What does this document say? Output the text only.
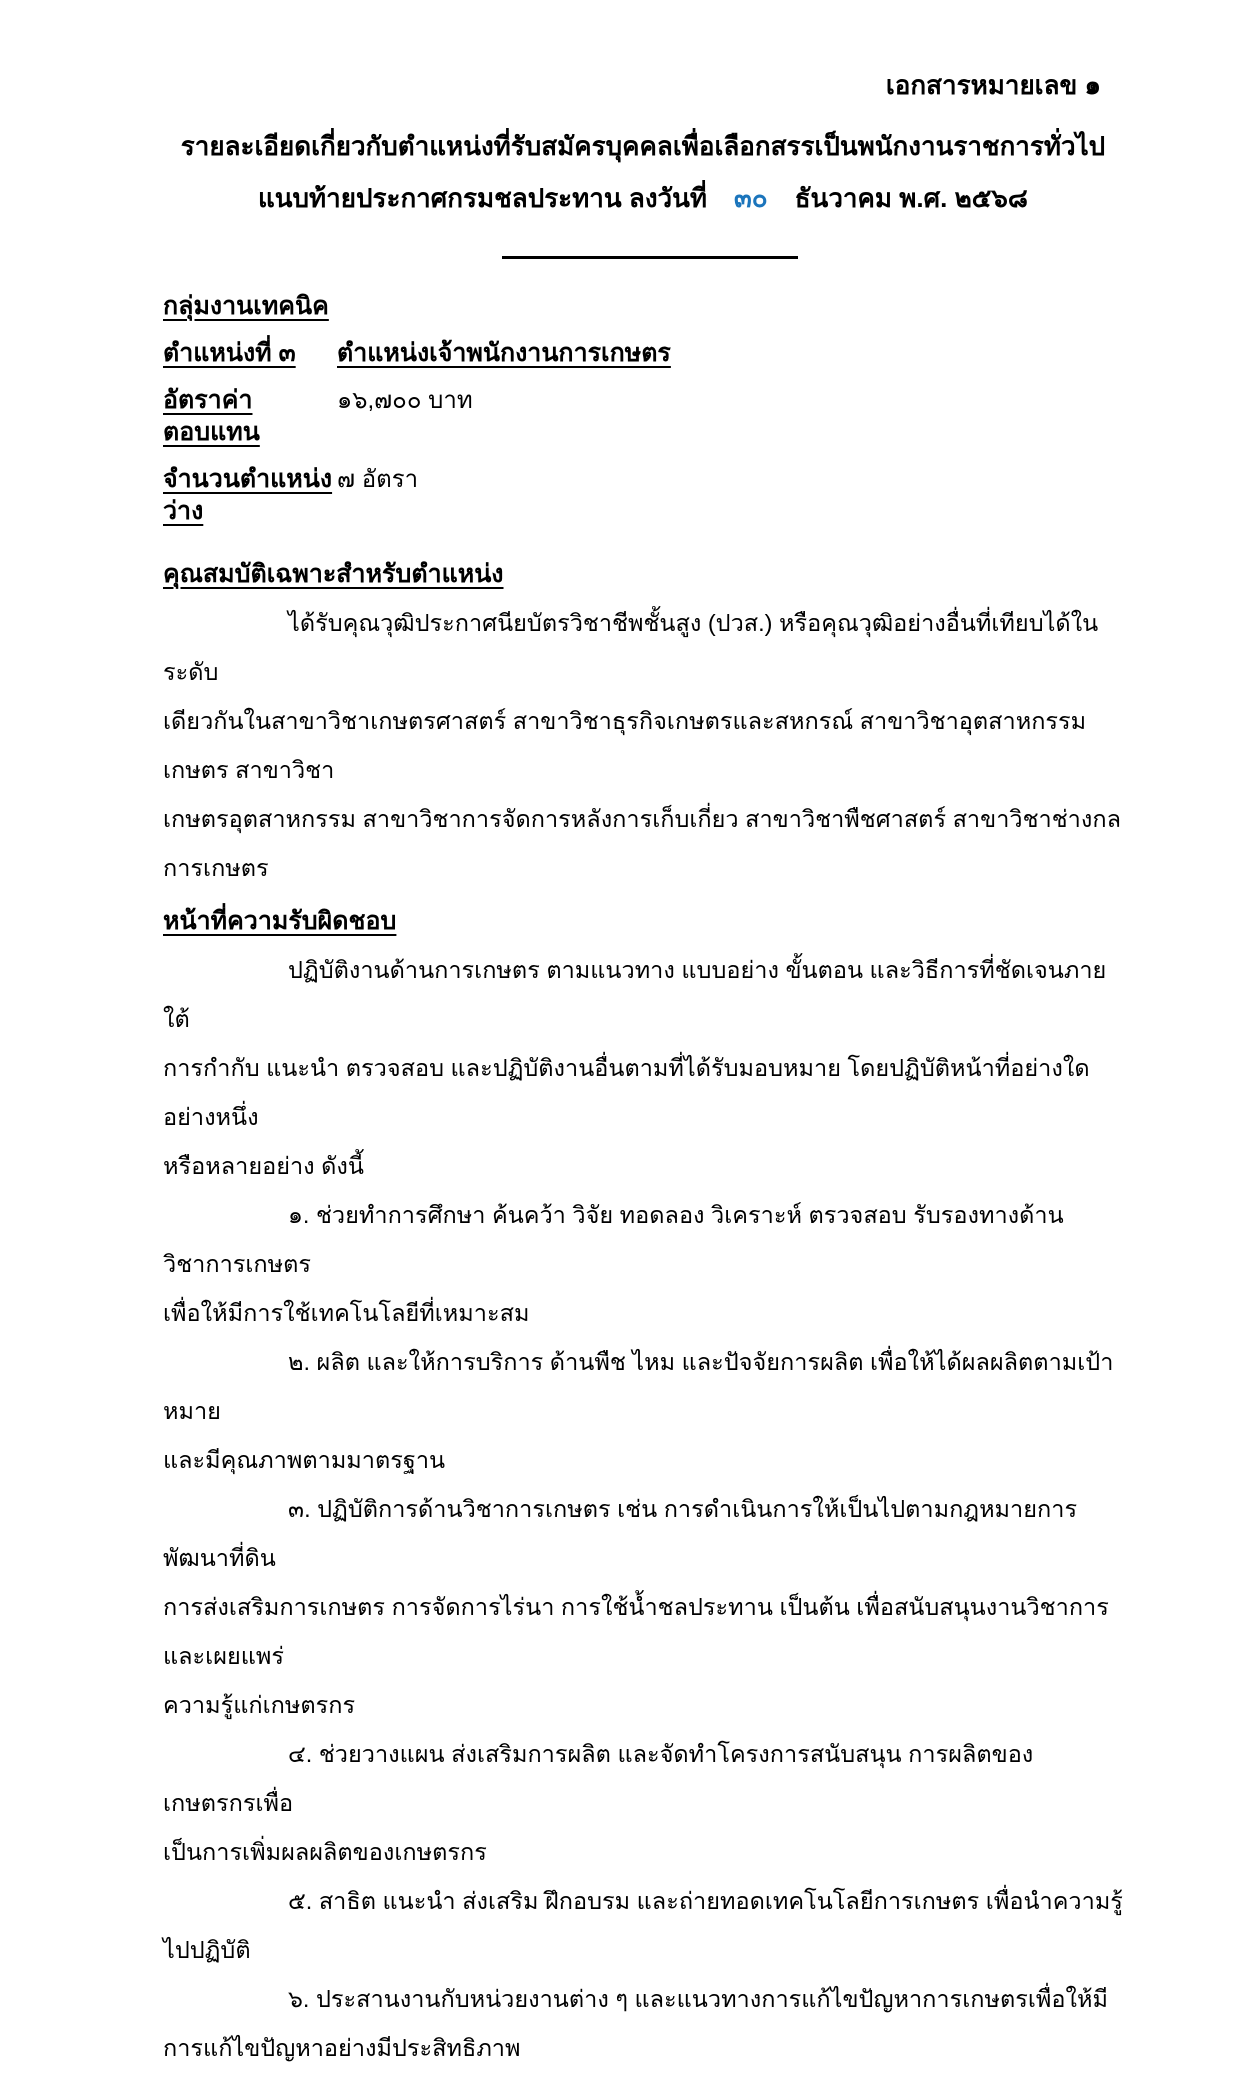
เอกสารหมายเลข ๑
รายละเอียดเกี่ยวกับตำแหน่งที่รับสมัครบุคคลเพื่อเลือกสรรเป็นพนักงานราชการทั่วไป
แนบท้ายประกาศกรมชลประทาน ลงวันที่ ๓๐ ธันวาคม พ.ศ. ๒๕๖๘
กลุ่มงานเทคนิค
ตำแหน่งที่ ๓	ตำแหน่งเจ้าพนักงานการเกษตร
อัตราค่าตอบแทน
๑๖,๗๐๐ บาท
จำนวนตำแหน่งว่าง
๗ อัตรา
คุณสมบัติเฉพาะสำหรับตำแหน่ง
ได้รับคุณวุฒิประกาศนียบัตรวิชาชีพชั้นสูง (ปวส.) หรือคุณวุฒิอย่างอื่นที่เทียบได้ในระดับ
เดียวกันในสาขาวิชาเกษตรศาสตร์ สาขาวิชาธุรกิจเกษตรและสหกรณ์ สาขาวิชาอุตสาหกรรมเกษตร สาขาวิชา
เกษตรอุตสาหกรรม สาขาวิชาการจัดการหลังการเก็บเกี่ยว สาขาวิชาพืชศาสตร์ สาขาวิชาช่างกลการเกษตร
หน้าที่ความรับผิดชอบ
ปฏิบัติงานด้านการเกษตร ตามแนวทาง แบบอย่าง ขั้นตอน และวิธีการที่ชัดเจนภายใต้
การกำกับ แนะนำ ตรวจสอบ และปฏิบัติงานอื่นตามที่ได้รับมอบหมาย โดยปฏิบัติหน้าที่อย่างใดอย่างหนึ่ง
หรือหลายอย่าง ดังนี้
๑. ช่วยทำการศึกษา ค้นคว้า วิจัย ทอดลอง วิเคราะห์ ตรวจสอบ รับรองทางด้านวิชาการเกษตร
เพื่อให้มีการใช้เทคโนโลยีที่เหมาะสม
๒. ผลิต และให้การบริการ ด้านพืช ไหม และปัจจัยการผลิต เพื่อให้ได้ผลผลิตตามเป้าหมาย
และมีคุณภาพตามมาตรฐาน
๓. ปฏิบัติการด้านวิชาการเกษตร เช่น การดำเนินการให้เป็นไปตามกฎหมายการพัฒนาที่ดิน
การส่งเสริมการเกษตร การจัดการไร่นา การใช้น้ำชลประทาน เป็นต้น เพื่อสนับสนุนงานวิชาการและเผยแพร่
ความรู้แก่เกษตรกร
๔. ช่วยวางแผน ส่งเสริมการผลิต และจัดทำโครงการสนับสนุน การผลิตของเกษตรกรเพื่อ
เป็นการเพิ่มผลผลิตของเกษตรกร
๕. สาธิต แนะนำ ส่งเสริม ฝึกอบรม และถ่ายทอดเทคโนโลยีการเกษตร เพื่อนำความรู้ไปปฏิบัติ
๖. ประสานงานกับหน่วยงานต่าง ๆ และแนวทางการแก้ไขปัญหาการเกษตรเพื่อให้มี
การแก้ไขปัญหาอย่างมีประสิทธิภาพ
